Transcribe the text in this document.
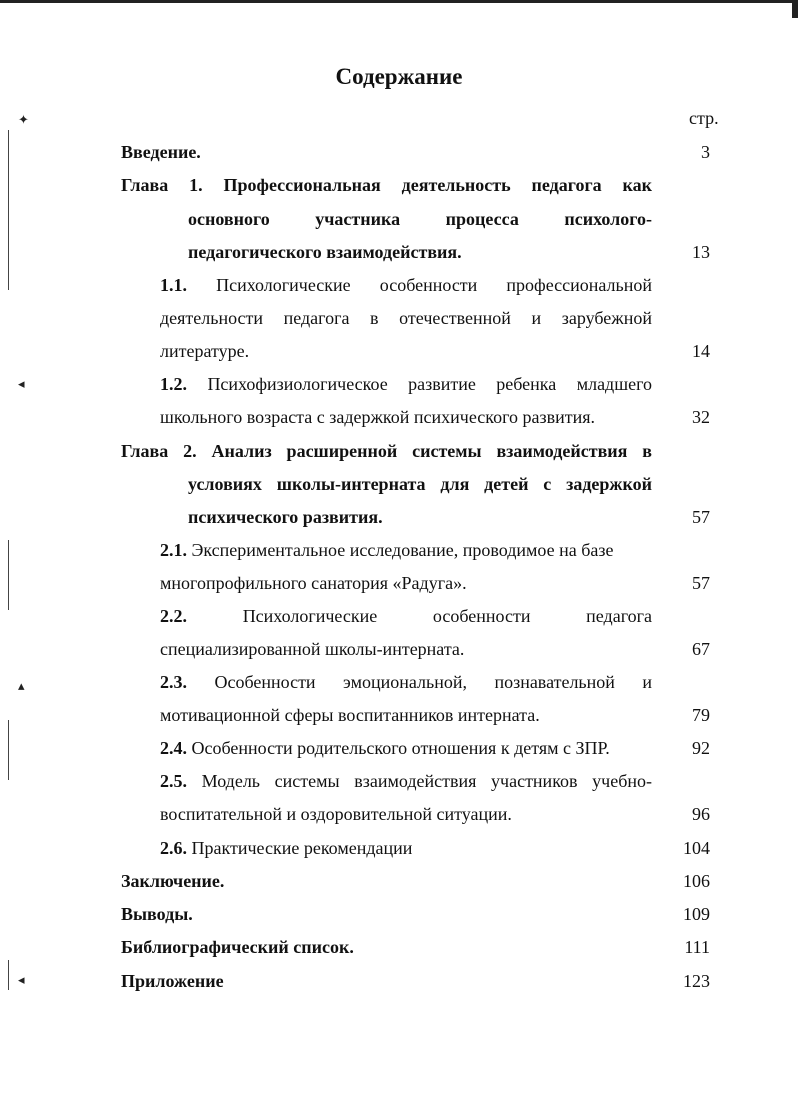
✦
◂
▴
◂
Содержание
стр.
Введение.	3
Глава 1. Профессиональная деятельность педагога как
основного участника процесса психолого-
педагогического взаимодействия.	13
1.1. Психологические особенности профессиональной
деятельности педагога в отечественной и зарубежной
литературе.	14
1.2. Психофизиологическое развитие ребенка младшего
школьного возраста с задержкой психического развития.	32
Глава 2. Анализ расширенной системы взаимодействия в
условиях школы-интерната для детей с задержкой
психического развития.	57
2.1. Экспериментальное исследование, проводимое на базе
многопрофильного санатория «Радуга».	57
2.2.	Психологические особенности педагога
специализированной школы-интерната.	67
2.3. Особенности эмоциональной, познавательной и
мотивационной сферы воспитанников интерната.	79
2.4. Особенности родительского отношения к детям с ЗПР.	92
2.5. Модель системы взаимодействия участников учебно-
воспитательной и оздоровительной ситуации.	96
2.6. Практические рекомендации	104
Заключение.	106
Выводы.	109
Библиографический список.	111
Приложение	123
